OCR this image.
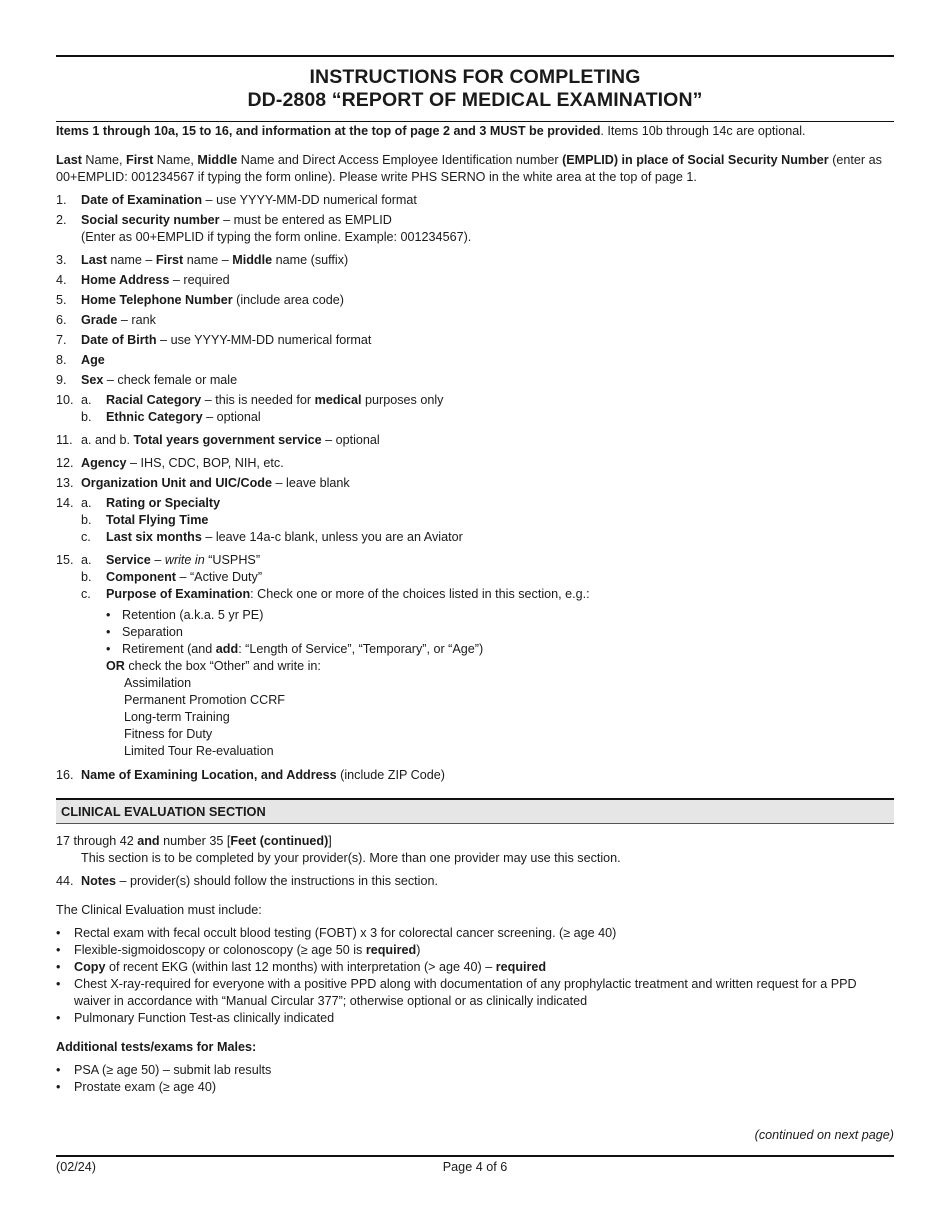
INSTRUCTIONS FOR COMPLETING
DD-2808 “REPORT OF MEDICAL EXAMINATION”

Items 1 through 10a, 15 to 16, and information at the top of page 2 and 3 MUST be provided. Items 10b through 14c are optional.

Last Name, First Name, Middle Name and Direct Access Employee Identification number (EMPLID) in place of Social Security Number (enter as 00+EMPLID: 001234567 if typing the form online). Please write PHS SERNO in the white area at the top of page 1.

1. Date of Examination – use YYYY-MM-DD numerical format
2. Social security number – must be entered as EMPLID
(Enter as 00+EMPLID if typing the form online. Example: 001234567).
3. Last name – First name – Middle name (suffix)
4. Home Address – required
5. Home Telephone Number (include area code)
6. Grade – rank
7. Date of Birth – use YYYY-MM-DD numerical format
8. Age
9. Sex – check female or male
10. a.	Racial Category – this is needed for medical purposes only
b.	Ethnic Category – optional
11. a. and b. Total years government service – optional
12. Agency – IHS, CDC, BOP, NIH, etc.
13. Organization Unit and UIC/Code – leave blank
14. a.	Rating or Specialty
b.	Total Flying Time
c.	Last six months – leave 14a-c blank, unless you are an Aviator
15. a.	Service – write in “USPHS”
b.	Component – “Active Duty”
c.	Purpose of Examination: Check one or more of the choices listed in this section, e.g.:
• Retention (a.k.a. 5 yr PE)
• Separation
• Retirement (and add: “Length of Service”, “Temporary”, or “Age”)
OR check the box “Other” and write in:
Assimilation
Permanent Promotion CCRF
Long-term Training
Fitness for Duty
Limited Tour Re-evaluation
16. Name of Examining Location, and Address (include ZIP Code)
CLINICAL EVALUATION SECTION
17 through 42 and number 35 [Feet (continued)]
This section is to be completed by your provider(s). More than one provider may use this section.
44. Notes – provider(s) should follow the instructions in this section.

The Clinical Evaluation must include:

• Rectal exam with fecal occult blood testing (FOBT) x 3 for colorectal cancer screening. (≥ age 40)
• Flexible-sigmoidoscopy or colonoscopy (≥ age 50 is required)
• Copy of recent EKG (within last 12 months) with interpretation (> age 40) – required
• Chest X-ray-required for everyone with a positive PPD along with documentation of any prophylactic treatment and written request for a PPD waiver in accordance with “Manual Circular 377”; otherwise optional or as clinically indicated
• Pulmonary Function Test-as clinically indicated

Additional tests/exams for Males:

• PSA (≥ age 50) – submit lab results
• Prostate exam (≥ age 40)
(continued on next page)
(02/24)	Page 4 of 6
